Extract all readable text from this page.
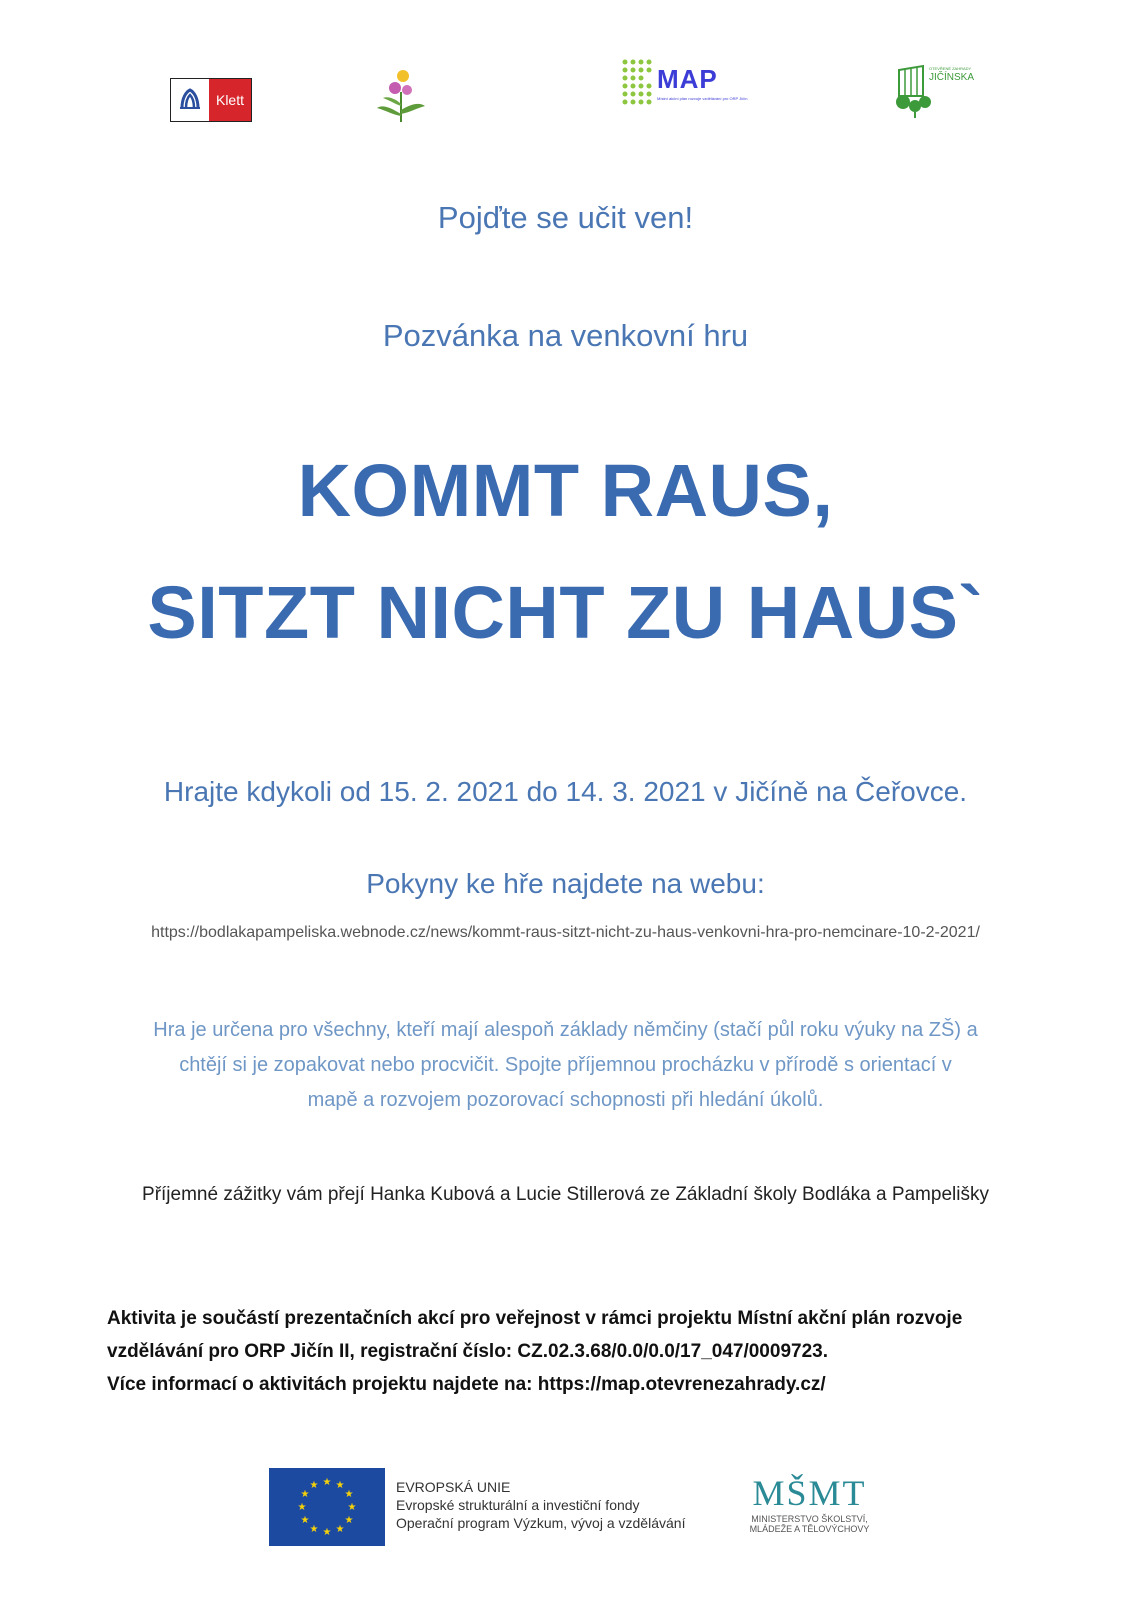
Klett
MAP
Místní akční plán rozvoje vzdělávání pro ORP Jičín
OTEVŘENÉ ZAHRADY
JIČÍNSKA
Pojďte se učit ven!
Pozvánka na venkovní hru
KOMMT RAUS,
SITZT NICHT ZU HAUS`
Hrajte kdykoli od 15. 2. 2021 do 14. 3. 2021 v Jičíně na Čeřovce.
Pokyny ke hře najdete na webu:
https://bodlakapampeliska.webnode.cz/news/kommt-raus-sitzt-nicht-zu-haus-venkovni-hra-pro-nemcinare-10-2-2021/
Hra je určena pro všechny, kteří mají alespoň základy němčiny (stačí půl roku výuky na ZŠ) a
chtějí si je zopakovat nebo procvičit. Spojte příjemnou procházku v přírodě s orientací v
mapě a rozvojem pozorovací schopnosti při hledání úkolů.
Příjemné zážitky vám přejí Hanka Kubová a Lucie Stillerová ze Základní školy Bodláka a Pampelišky
Aktivita je součástí prezentačních akcí pro veřejnost v rámci projektu Místní akční plán rozvoje
vzdělávání pro ORP Jičín II, registrační číslo: CZ.02.3.68/0.0/0.0/17_047/0009723.
Více informací o aktivitách projektu najdete na: https://map.otevrenezahrady.cz/
★ ★
★
★
★
★
★
★
★
★
★
★	EVROPSKÁ UNIE
Evropské strukturální a investiční fondy
Operační program Výzkum, vývoj a vzdělávání
MŠMT
MINISTERSTVO ŠKOLSTVÍ,
MLÁDEŽE A TĚLOVÝCHOVY
